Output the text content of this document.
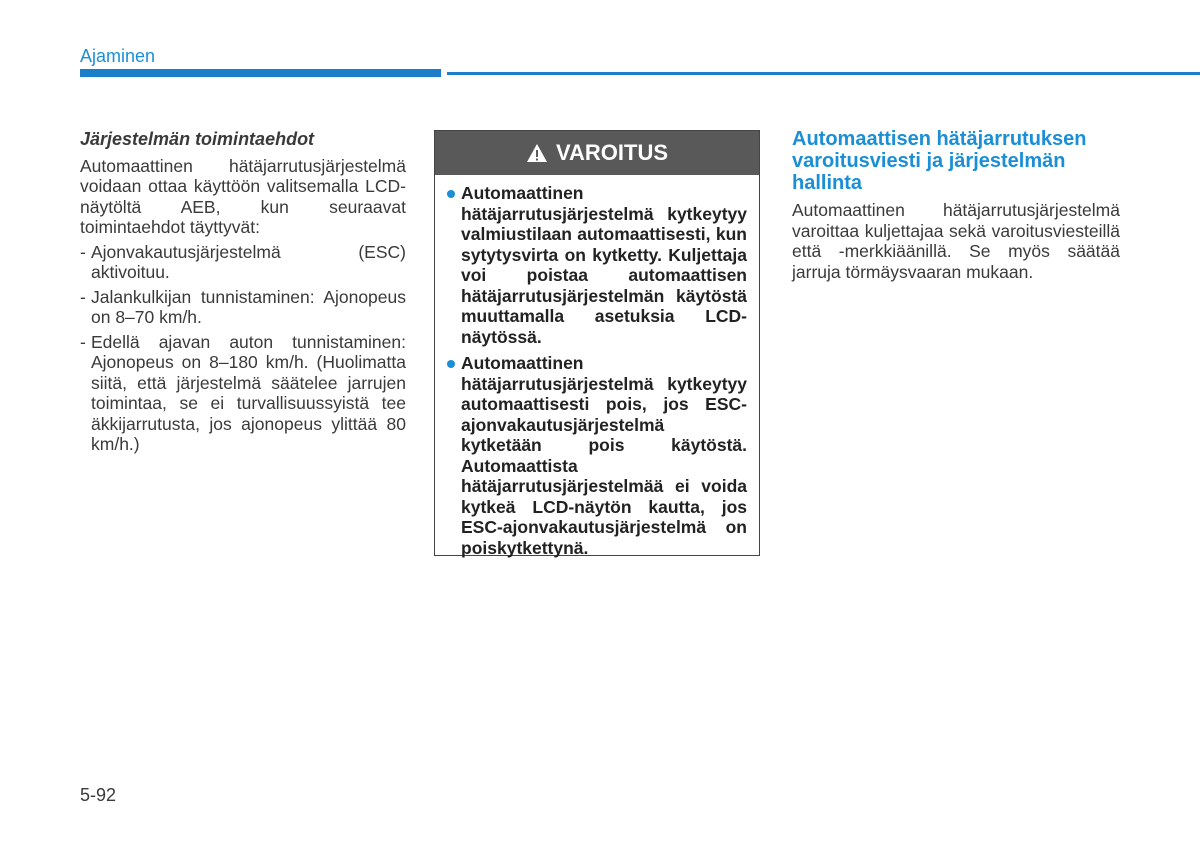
Ajaminen
Järjestelmän toimintaehdot
Automaattinen hätäjarrutusjärjestelmä voidaan ottaa käyttöön valitsemalla LCD-näytöltä AEB, kun seuraavat toimintaehdot täyttyvät:
- Ajonvakautusjärjestelmä (ESC) aktivoituu.
- Jalankulkijan tunnistaminen: Ajonopeus on 8–70 km/h.
- Edellä ajavan auton tunnistaminen: Ajonopeus on 8–180 km/h. (Huolimatta siitä, että järjestelmä säätelee jarrujen toimintaa, se ei turvallisuussyistä tee äkkijarrutusta, jos ajonopeus ylittää 80 km/h.)
VAROITUS
Automaattinen hätäjarrutusjärjestelmä kytkeytyy valmiustilaan automaattisesti, kun sytytysvirta on kytketty. Kuljettaja voi poistaa automaattisen hätäjarrutusjärjestelmän käytöstä muuttamalla asetuksia LCD-näytössä.
Automaattinen hätäjarrutusjärjestelmä kytkeytyy automaattisesti pois, jos ESC-ajonvakautusjärjestelmä kytketään pois käytöstä. Automaattista hätäjarrutusjärjestelmää ei voida kytkeä LCD-näytön kautta, jos ESC-ajonvakautusjärjestelmä on poiskytkettynä.
Automaattisen hätäjarrutuksen varoitusviesti ja järjestelmän hallinta
Automaattinen hätäjarrutusjärjestelmä varoittaa kuljettajaa sekä varoitusviesteillä että -merkkiäänillä. Se myös säätää jarruja törmäysvaaran mukaan.
5-92
